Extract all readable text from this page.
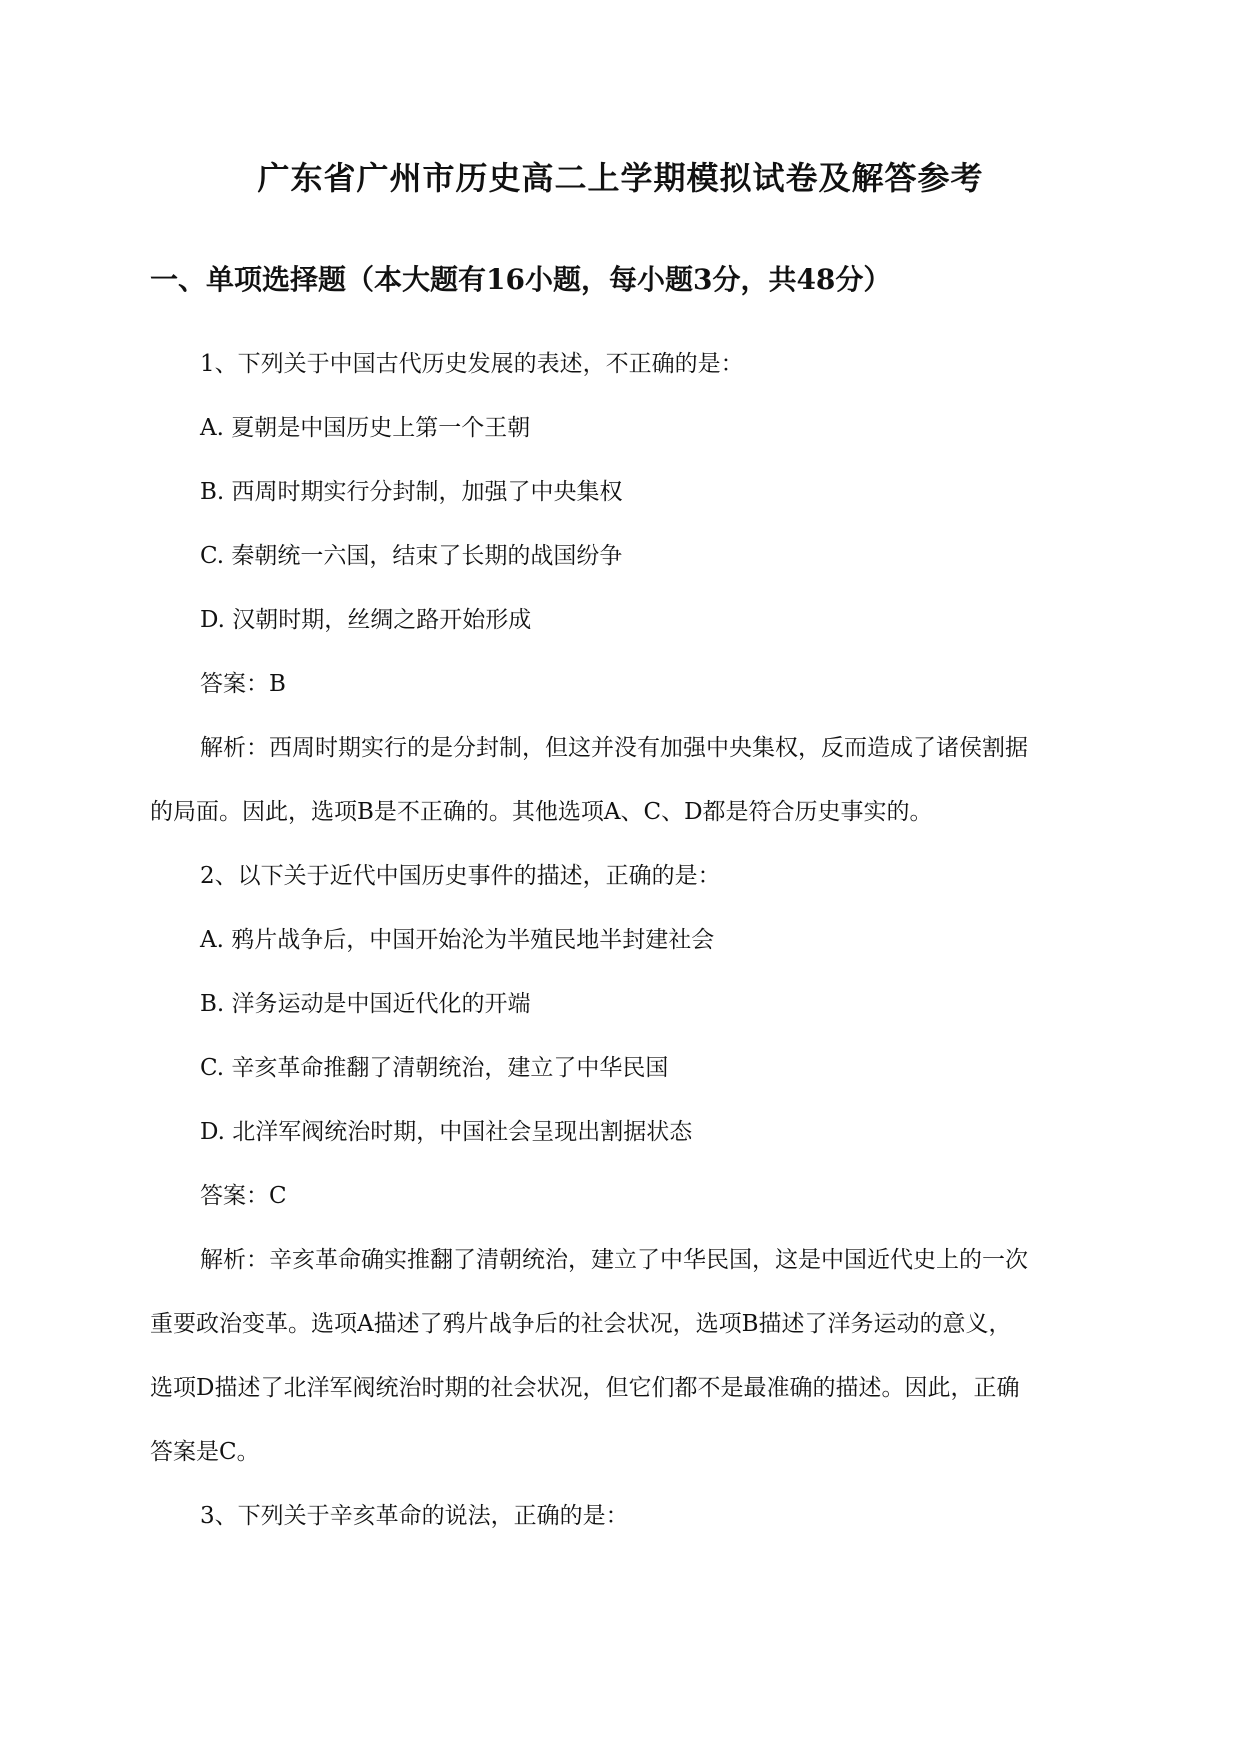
广东省广州市历史高二上学期模拟试卷及解答参考
一、单项选择题（本大题有16小题，每小题3分，共48分）
1、下列关于中国古代历史发展的表述，不正确的是：
A. 夏朝是中国历史上第一个王朝
B. 西周时期实行分封制，加强了中央集权
C. 秦朝统一六国，结束了长期的战国纷争
D. 汉朝时期，丝绸之路开始形成
答案：B
解析：西周时期实行的是分封制，但这并没有加强中央集权，反而造成了诸侯割据
的局面。因此，选项B是不正确的。其他选项A、C、D都是符合历史事实的。
2、以下关于近代中国历史事件的描述，正确的是：
A. 鸦片战争后，中国开始沦为半殖民地半封建社会
B. 洋务运动是中国近代化的开端
C. 辛亥革命推翻了清朝统治，建立了中华民国
D. 北洋军阀统治时期，中国社会呈现出割据状态
答案：C
解析：辛亥革命确实推翻了清朝统治，建立了中华民国，这是中国近代史上的一次
重要政治变革。选项A描述了鸦片战争后的社会状况，选项B描述了洋务运动的意义，
选项D描述了北洋军阀统治时期的社会状况，但它们都不是最准确的描述。因此，正确
答案是C。
3、下列关于辛亥革命的说法，正确的是：
